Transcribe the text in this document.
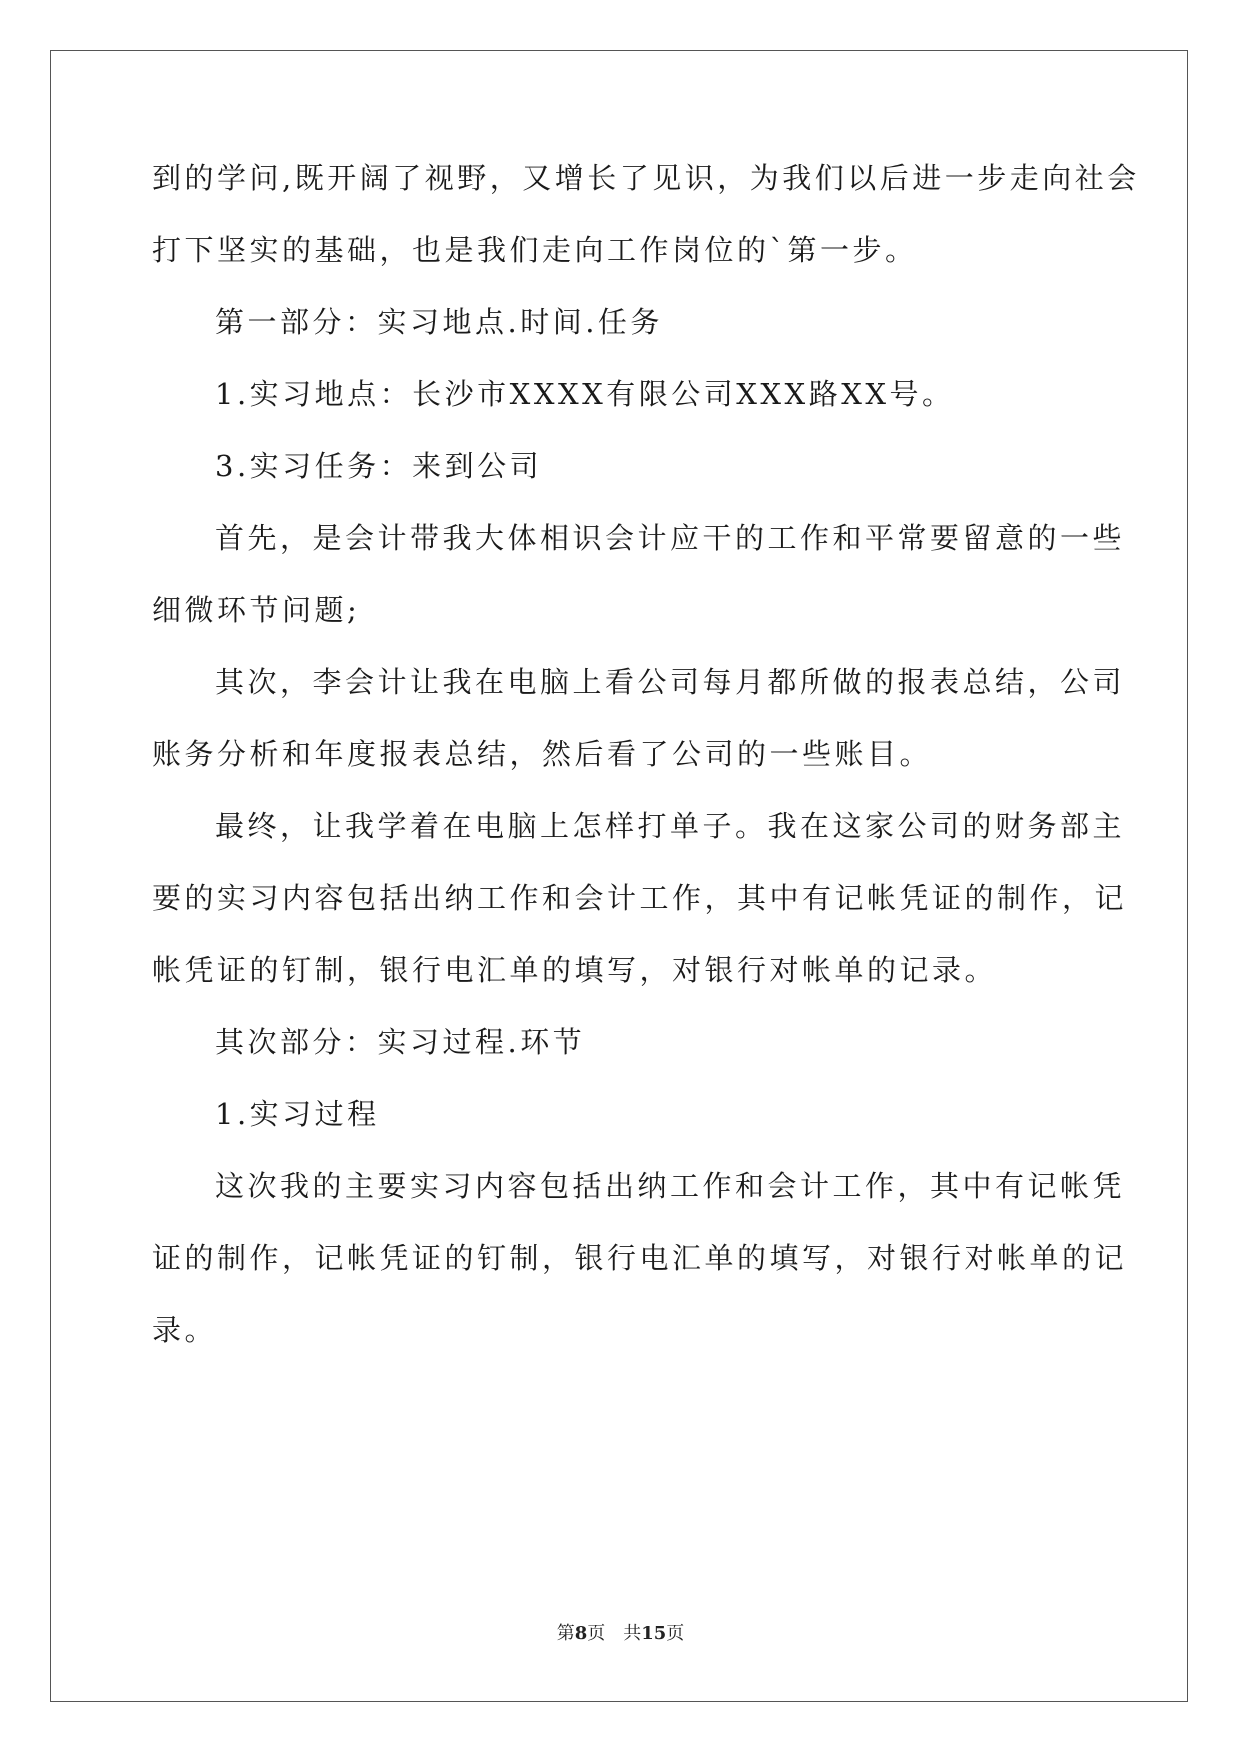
到的学问,既开阔了视野，又增长了见识，为我们以后进一步走向社会
打下坚实的基础，也是我们走向工作岗位的`第一步。
第一部分：实习地点.时间.任务
1.实习地点：长沙市XXXX有限公司XXX路XX号。
3.实习任务：来到公司
首先，是会计带我大体相识会计应干的工作和平常要留意的一些
细微环节问题;
其次，李会计让我在电脑上看公司每月都所做的报表总结，公司
账务分析和年度报表总结，然后看了公司的一些账目。
最终，让我学着在电脑上怎样打单子。我在这家公司的财务部主
要的实习内容包括出纳工作和会计工作，其中有记帐凭证的制作，记
帐凭证的钉制，银行电汇单的填写，对银行对帐单的记录。
其次部分：实习过程.环节
1.实习过程
这次我的主要实习内容包括出纳工作和会计工作，其中有记帐凭
证的制作，记帐凭证的钉制，银行电汇单的填写，对银行对帐单的记
录。
第8页 共15页
